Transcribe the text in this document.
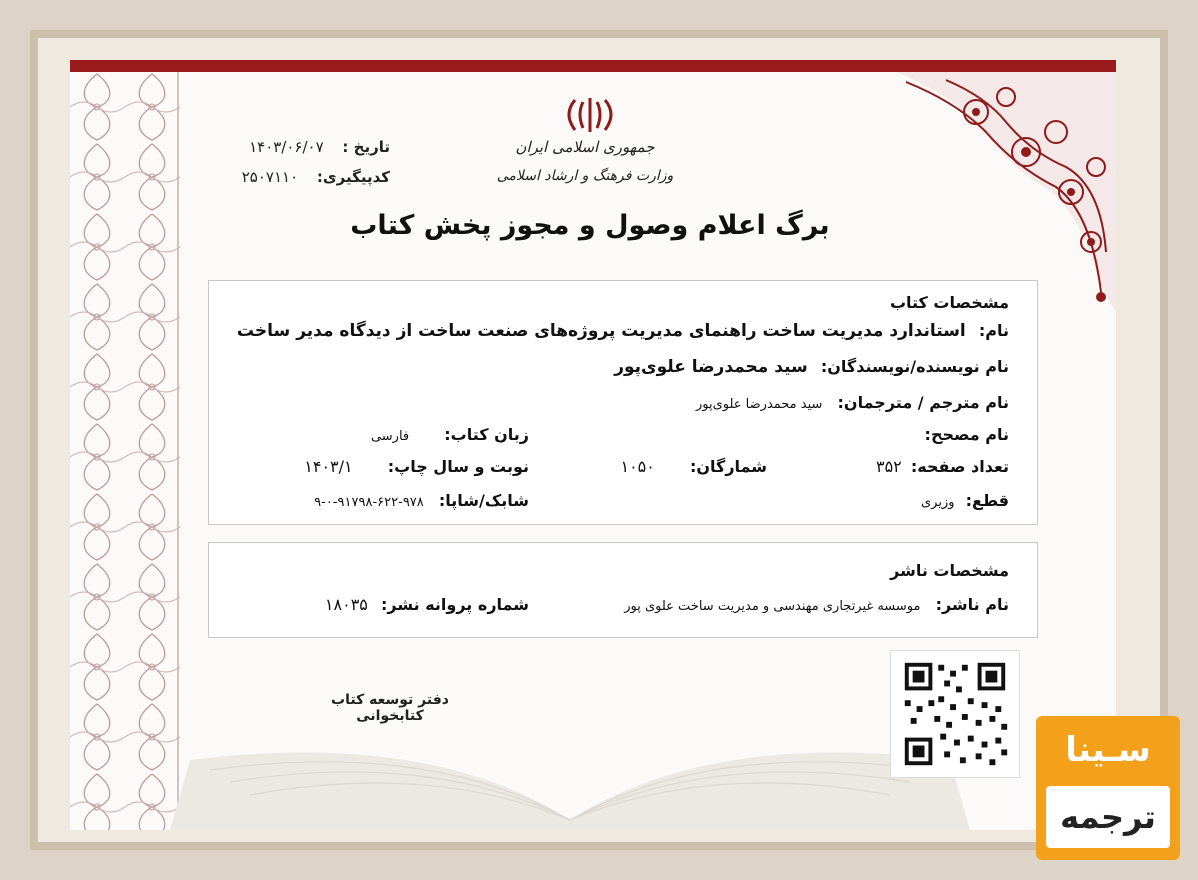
جمهوری اسلامی ایران
وزارت فرهنگ و ارشاد اسلامی
تاریخ : ۱۴۰۳/۰۶/۰۷
کدپیگیری: ۲۵۰۷۱۱۰
برگ اعلام وصول و مجوز پخش کتاب
مشخصات کتاب
نام: استاندارد مدیریت ساخت راهنمای مدیریت پروژه‌های صنعت ساخت از دیدگاه مدیر ساخت
نام نویسنده/نویسندگان: سید محمدرضا علوی‌پور
نام مترجم / مترجمان: سید محمدرضا علوی‌پور
نام مصحح:
زبان کتاب: فارسی
تعداد صفحه: ۳۵۲
شمارگان: ۱۰۵۰
نوبت و سال چاپ: ۱۴۰۳/۱
قطع: وزیری
شابک/شاپا: ۹۷۸-۶۲۲-۹۱۷۹۸-۰-۹
مشخصات ناشر
نام ناشر: موسسه غیرتجاری مهندسی و مدیریت ساخت علوی پور
شماره پروانه نشر: ۱۸۰۳۵
دفتر توسعه کتاب کتابخوانی
سـینا
ترجمه
